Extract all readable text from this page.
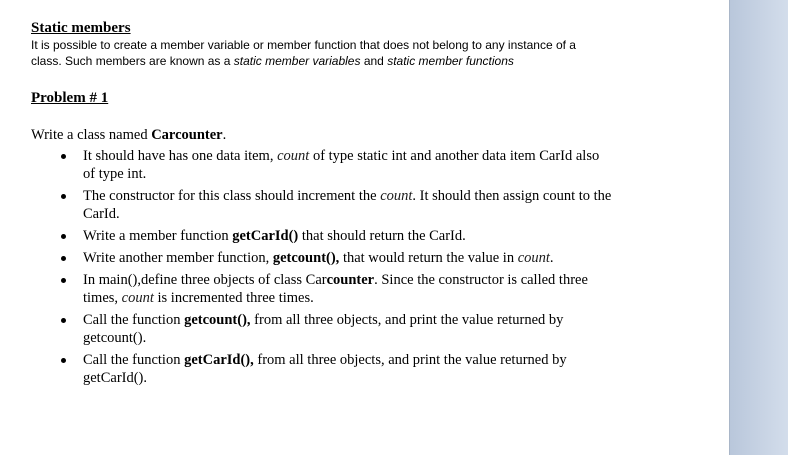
Static members

It is possible to create a member variable or member function that does not belong to any instance of a class. Such members are known as a static member variables and static member functions

Problem # 1

Write a class named Carcounter.

It should have has one data item, count of type static int and another data item CarId also of type int.
The constructor for this class should increment the count. It should then assign count to the CarId.
Write a member function getCarId() that should return the CarId.
Write another member function, getcount(), that would return the value in count.
In main(),define three objects of class Carcounter. Since the constructor is called three times, count is incremented three times.
Call the function getcount(), from all three objects, and print the value returned by getcount().
Call the function getCarId(), from all three objects, and print the value returned by getCarId().
